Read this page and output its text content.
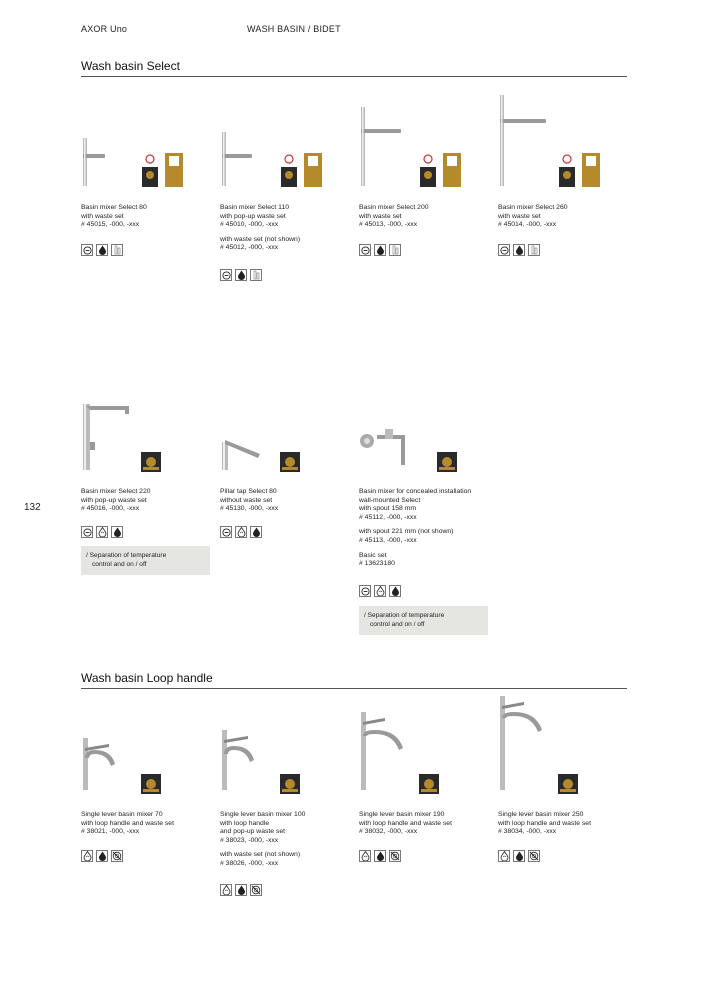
AXOR Uno	WASH BASIN / BIDET
132
Wash basin Select
Basin mixer Select 80
with waste set
# 45015, -000, -xxx
Basin mixer Select 110
with pop-up waste set
# 45010, -000, -xxx
with waste set (not shown)
# 45012, -000, -xxx
Basin mixer Select 200
with waste set
# 45013, -000, -xxx
Basin mixer Select 260
with waste set
# 45014, -000, -xxx
Basin mixer Select 220
with pop-up waste set
# 45016, -000, -xxx
/ Separation of temperature
control and on / off
Pillar tap Select 80
without waste set
# 45130, -000, -xxx
Basin mixer for concealed installation
wall-mounted Select
with spout 158 mm
# 45112, -000, -xxx
with spout 221 mm (not shown)
# 45113, -000, -xxx
Basic set
# 13623180
/ Separation of temperature
control and on / off
Wash basin Loop handle
Single lever basin mixer 70
with loop handle and waste set
# 38021, -000, -xxx
Single lever basin mixer 100
with loop handle
and pop-up waste set
# 38023, -000, -xxx
with waste set (not shown)
# 38026, -000, -xxx
Single lever basin mixer 190
with loop handle and waste set
# 38032, -000, -xxx
Single lever basin mixer 250
with loop handle and waste set
# 38034, -000, -xxx
